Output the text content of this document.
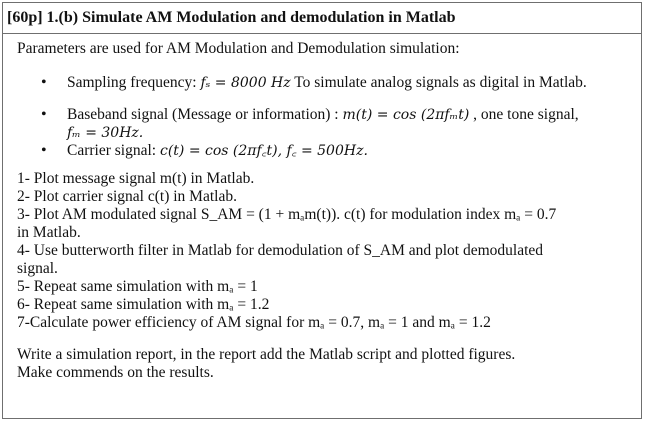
[60p] 1.(b) Simulate AM Modulation and demodulation in Matlab

Parameters are used for AM Modulation and Demodulation simulation:

• Sampling frequency: fₛ = 8000 Hz To simulate analog signals as digital in Matlab.
• Baseband signal (Message or information) : m(t) = cos (2πfₘt) , one tone signal,
fₘ = 30Hz.
• Carrier signal: c(t) = cos (2πf꜀t), f꜀ = 500Hz.
1- Plot message signal m(t) in Matlab.
2- Plot carrier signal c(t) in Matlab.
3- Plot AM modulated signal S_AM = (1 + mₐm(t)). c(t) for modulation index mₐ = 0.7
in Matlab.
4- Use butterworth filter in Matlab for demodulation of S_AM and plot demodulated
signal.
5- Repeat same simulation with mₐ = 1
6- Repeat same simulation with mₐ = 1.2
7-Calculate power efficiency of AM signal for mₐ = 0.7, mₐ = 1 and mₐ = 1.2
Write a simulation report, in the report add the Matlab script and plotted figures.
Make commends on the results.
